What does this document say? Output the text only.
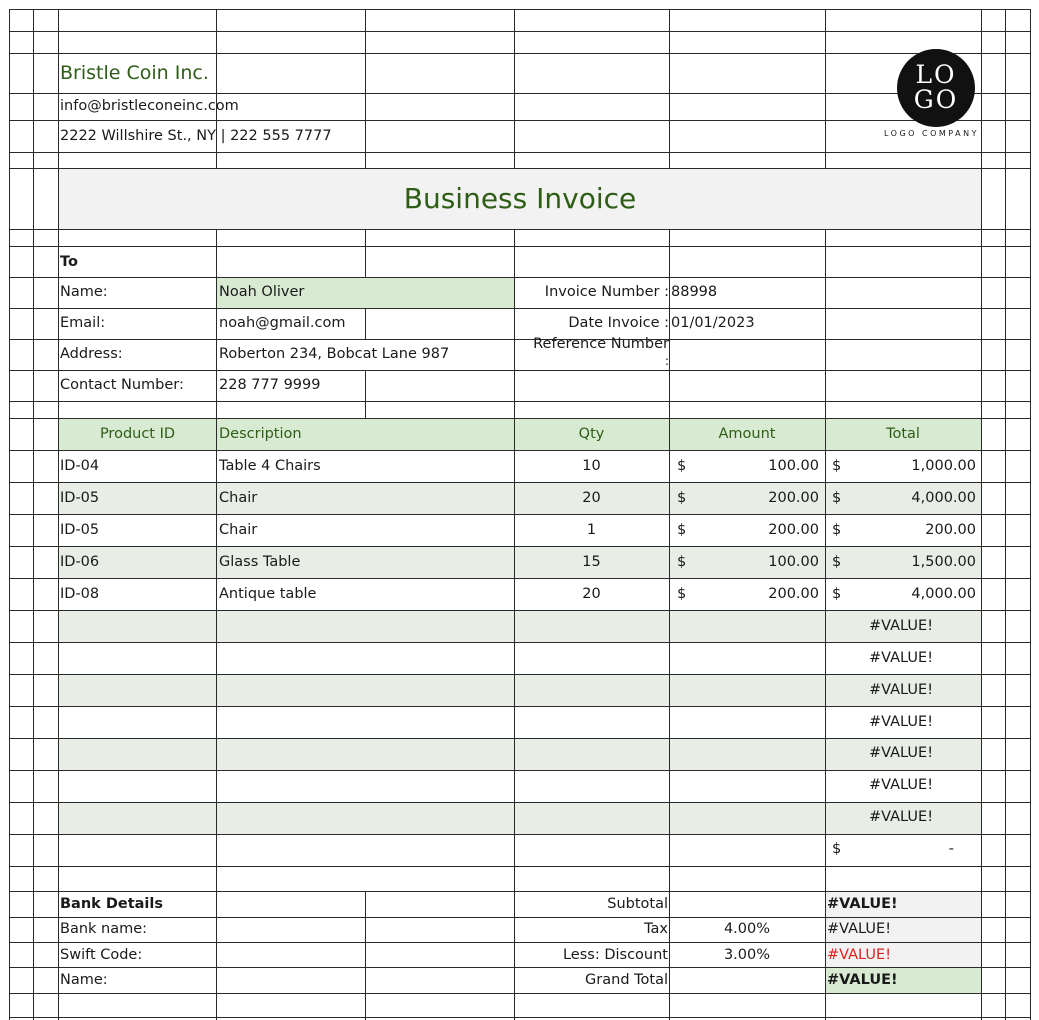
Bristle Coin Inc.
info@bristleconeinc.com
2222 Willshire St., NY | 222 555 7777
LO
GO
LOGO COMPANY
Business Invoice
To
Name:	Noah Oliver
Email:	noah@gmail.com
Address:	Roberton 234, Bobcat Lane 987
Contact Number: 228 777 9999
Invoice Number : 88998
Date Invoice : 01/01/2023
Reference Number
:
Product ID	Description	Qty	Amount	Total
ID-04	Table 4 Chairs	10	$	100.00 $	1,000.00
ID-05	Chair	20	$	200.00 $	4,000.00
ID-05	Chair	1	$	200.00 $	200.00
ID-06	Glass Table	15	$	100.00 $	1,500.00
ID-08	Antique table	20	$	200.00 $	4,000.00
#VALUE!
#VALUE!
#VALUE!
#VALUE!
#VALUE!
#VALUE!
#VALUE!
$	-
Bank Details
Bank name:
Swift Code:
Name:
Subtotal	#VALUE!
Tax	4.00%	#VALUE!
Less: Discount	3.00%	#VALUE!
Grand Total	#VALUE!
